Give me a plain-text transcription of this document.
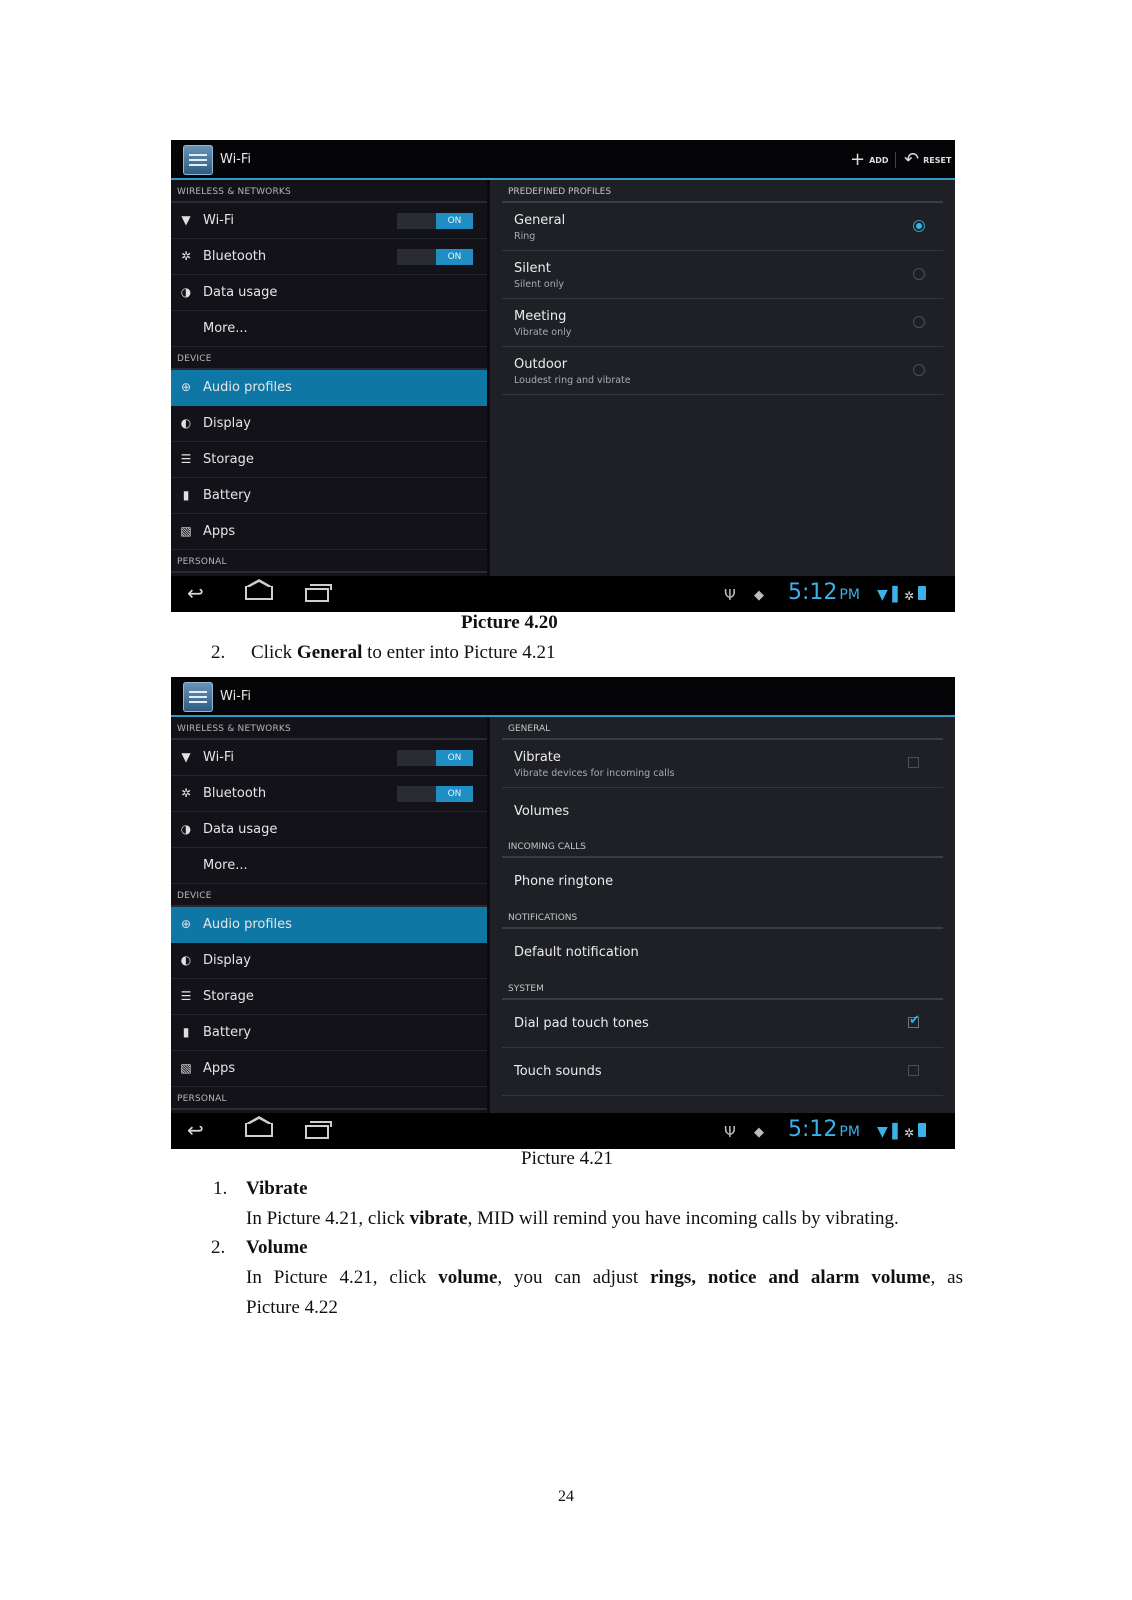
Wi-Fi	+ ADD ↶ RESET
WIRELESS & NETWORKS
▼ Wi-Fi	ON
✲ Bluetooth	ON
◑ Data usage
More...
DEVICE
⊕ Audio profiles
◐ Display
☰ Storage
▮ Battery
▧ Apps
PERSONAL
PREDEFINED PROFILES
General
Ring
Silent
Silent only
Meeting
Vibrate only
Outdoor
Loudest ring and vibrate
↩	Ψ ◆ 5:12 PM ▼▐ ✲
Picture 4.20
2. Click General to enter into Picture 4.21
Wi-Fi
WIRELESS & NETWORKS
▼ Wi-Fi	ON
✲ Bluetooth	ON
◑ Data usage
More...
DEVICE
⊕ Audio profiles
◐ Display
☰ Storage
▮ Battery
▧ Apps
PERSONAL
GENERAL
Vibrate
Vibrate devices for incoming calls
Volumes
INCOMING CALLS
Phone ringtone
NOTIFICATIONS
Default notification
SYSTEM
Dial pad touch tones
✔
Touch sounds
↩	Ψ ◆ 5:12 PM ▼▐ ✲
Picture 4.21
1. Vibrate
In Picture 4.21, click vibrate, MID will remind you have incoming calls by vibrating.
2. Volume
In Picture 4.21, click volume, you can adjust rings, notice and alarm volume, as
Picture 4.22
24
